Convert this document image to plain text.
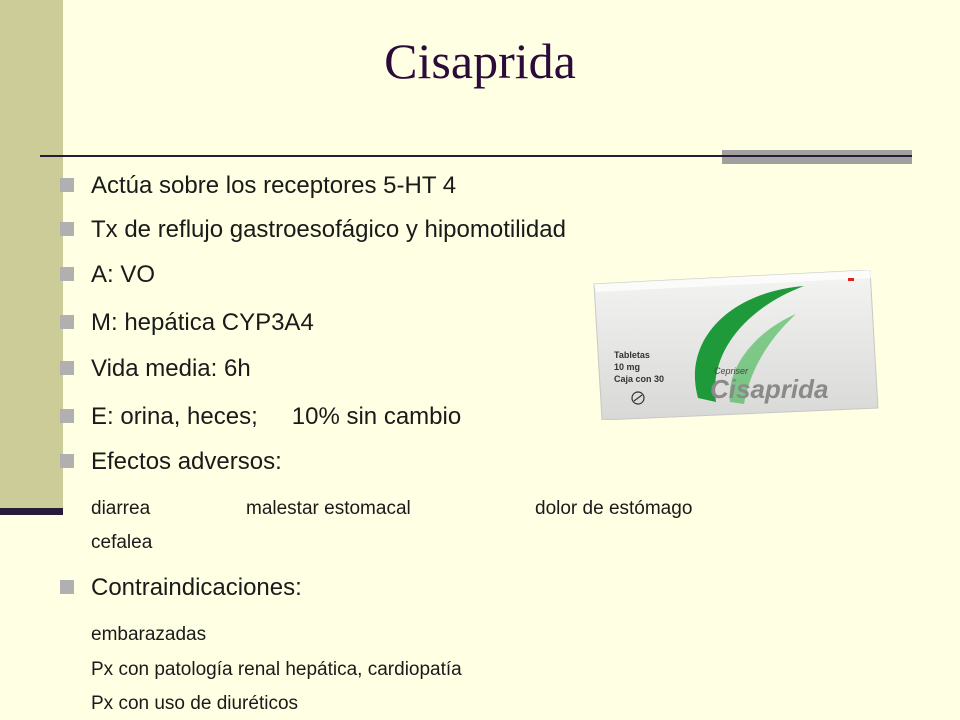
Cisaprida
Actúa sobre los receptores 5-HT 4
Tx de reflujo gastroesofágico y hipomotilidad
A: VO
M: hepática CYP3A4
Vida media: 6h
E: orina, heces; 10% sin cambio
Efectos adversos:
diarrea	malestar estomacal	dolor de estómago
cefalea
Contraindicaciones:
embarazadas
Px con patología renal hepática, cardiopatía
Px con uso de diuréticos
Tabletas
10 mg
Caja con 30
Cepriser
Cisaprida
